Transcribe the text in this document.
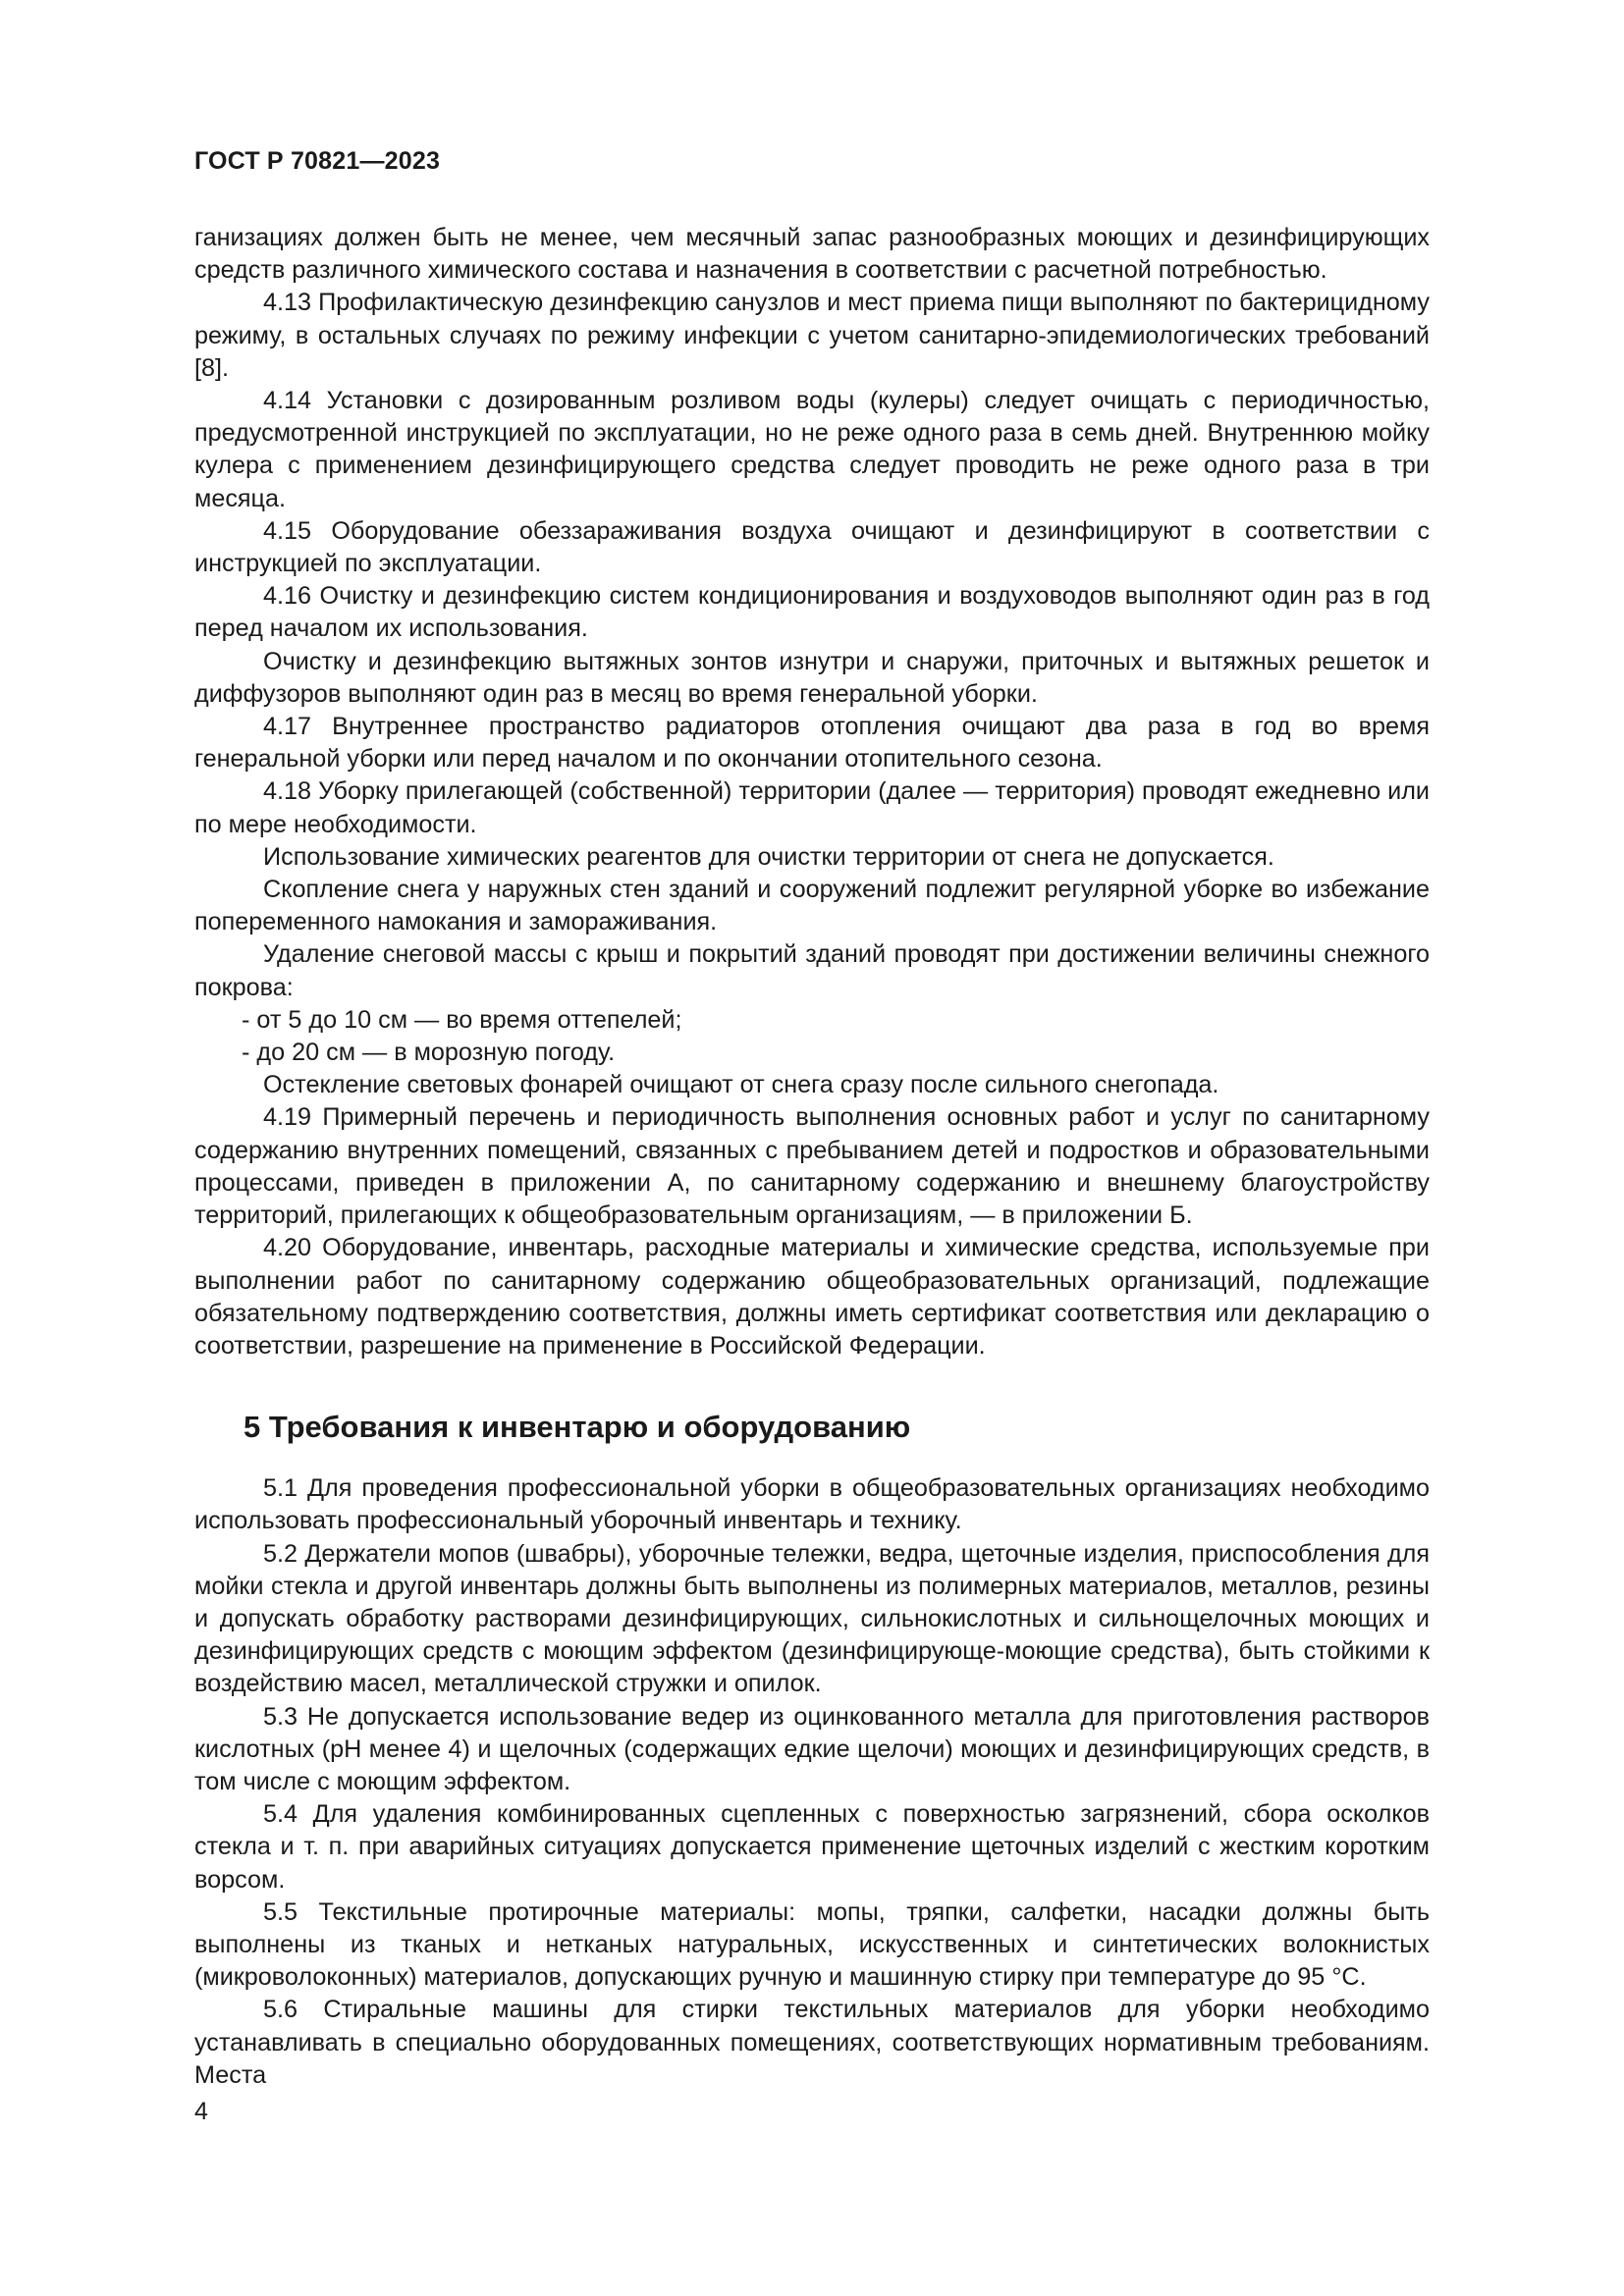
ГОСТ Р 70821—2023

ганизациях должен быть не менее, чем месячный запас разнообразных моющих и дезинфицирующих средств различного химического состава и назначения в соответствии с расчетной потребностью.

4.13 Профилактическую дезинфекцию санузлов и мест приема пищи выполняют по бактерицидному режиму, в остальных случаях по режиму инфекции с учетом санитарно-эпидемиологических требований [8].

4.14 Установки с дозированным розливом воды (кулеры) следует очищать с периодичностью, предусмотренной инструкцией по эксплуатации, но не реже одного раза в семь дней. Внутреннюю мойку кулера с применением дезинфицирующего средства следует проводить не реже одного раза в три месяца.

4.15 Оборудование обеззараживания воздуха очищают и дезинфицируют в соответствии с инструкцией по эксплуатации.

4.16 Очистку и дезинфекцию систем кондиционирования и воздуховодов выполняют один раз в год перед началом их использования.

Очистку и дезинфекцию вытяжных зонтов изнутри и снаружи, приточных и вытяжных решеток и диффузоров выполняют один раз в месяц во время генеральной уборки.

4.17 Внутреннее пространство радиаторов отопления очищают два раза в год во время генеральной уборки или перед началом и по окончании отопительного сезона.

4.18 Уборку прилегающей (собственной) территории (далее — территория) проводят ежедневно или по мере необходимости.

Использование химических реагентов для очистки территории от снега не допускается.

Скопление снега у наружных стен зданий и сооружений подлежит регулярной уборке во избежание попеременного намокания и замораживания.

Удаление снеговой массы с крыш и покрытий зданий проводят при достижении величины снежного покрова:

- от 5 до 10 см — во время оттепелей;

- до 20 см — в морозную погоду.

Остекление световых фонарей очищают от снега сразу после сильного снегопада.

4.19 Примерный перечень и периодичность выполнения основных работ и услуг по санитарному содержанию внутренних помещений, связанных с пребыванием детей и подростков и образовательными процессами, приведен в приложении А, по санитарному содержанию и внешнему благоустройству территорий, прилегающих к общеобразовательным организациям, — в приложении Б.

4.20 Оборудование, инвентарь, расходные материалы и химические средства, используемые при выполнении работ по санитарному содержанию общеобразовательных организаций, подлежащие обязательному подтверждению соответствия, должны иметь сертификат соответствия или декларацию о соответствии, разрешение на применение в Российской Федерации.

5 Требования к инвентарю и оборудованию

5.1 Для проведения профессиональной уборки в общеобразовательных организациях необходимо использовать профессиональный уборочный инвентарь и технику.

5.2 Держатели мопов (швабры), уборочные тележки, ведра, щеточные изделия, приспособления для мойки стекла и другой инвентарь должны быть выполнены из полимерных материалов, металлов, резины и допускать обработку растворами дезинфицирующих, сильнокислотных и сильнощелочных моющих и дезинфицирующих средств с моющим эффектом (дезинфицирующе-моющие средства), быть стойкими к воздействию масел, металлической стружки и опилок.

5.3 Не допускается использование ведер из оцинкованного металла для приготовления растворов кислотных (pH менее 4) и щелочных (содержащих едкие щелочи) моющих и дезинфицирующих средств, в том числе с моющим эффектом.

5.4 Для удаления комбинированных сцепленных с поверхностью загрязнений, сбора осколков стекла и т. п. при аварийных ситуациях допускается применение щеточных изделий с жестким коротким ворсом.

5.5 Текстильные протирочные материалы: мопы, тряпки, салфетки, насадки должны быть выполнены из тканых и нетканых натуральных, искусственных и синтетических волокнистых (микроволоконных) материалов, допускающих ручную и машинную стирку при температуре до 95 °С.

5.6 Стиральные машины для стирки текстильных материалов для уборки необходимо устанавливать в специально оборудованных помещениях, соответствующих нормативным требованиям. Места

4
